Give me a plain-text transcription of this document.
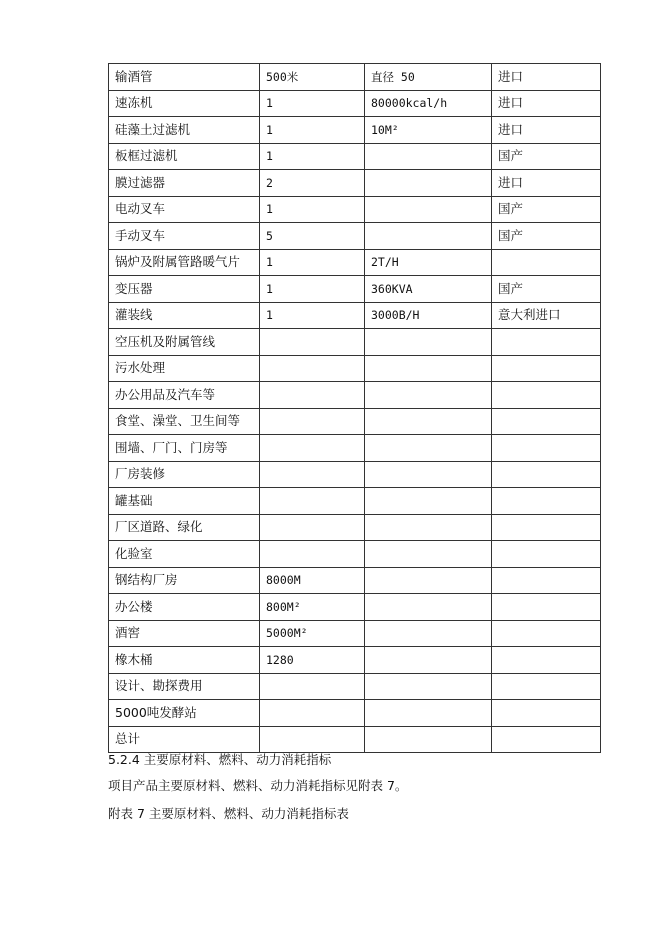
输酒管	500米	直径 50	进口
速冻机	1	80000kcal/h	进口
硅藻土过滤机	1	10M²	进口
板框过滤机	1		国产
膜过滤器	2		进口
电动叉车	1		国产
手动叉车	5		国产
锅炉及附属管路暖气片	1	2T/H	
变压器	1	360KVA	国产
灌装线	1	3000B/H	意大利进口
空压机及附属管线			
污水处理			
办公用品及汽车等			
食堂、澡堂、卫生间等			
围墙、厂门、门房等			
厂房装修			
罐基础			
厂区道路、绿化			
化验室			
钢结构厂房	8000M		
办公楼	800M²		
酒窖	5000M²		
橡木桶	1280		
设计、勘探费用			
5000吨发酵站			
总计			

5.2.4 主要原材料、燃料、动力消耗指标

项目产品主要原材料、燃料、动力消耗指标见附表 7。

附表 7 主要原材料、燃料、动力消耗指标表
